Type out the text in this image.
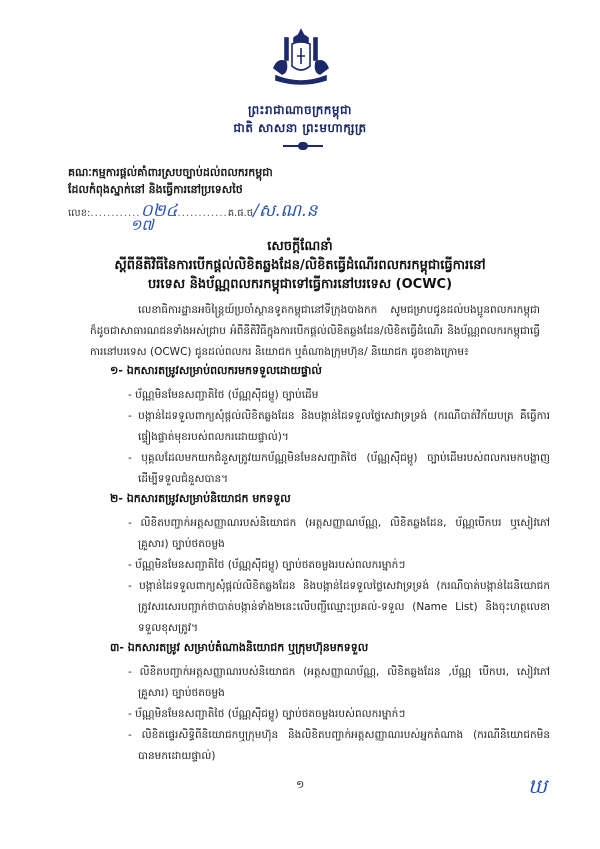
ព្រះរាជាណាចក្រកម្ពុជា
ជាតិ សាសនា ព្រះមហាក្សត្រ
គណៈកម្មការផ្ដល់គាំពារស្របច្បាប់ដល់ពលករកម្ពុជា
ដែលកំពុងស្នាក់នៅ និងធ្វើការនៅប្រទេសថៃ
លេខ:............០២៤............គ.ផ.ថ/ស.ណ.ន
១៧
សេចក្ដីណែនាំ
ស្ដីពីនីតិវិធីនៃការបើកផ្ដល់លិខិតឆ្លងដែន/លិខិតធ្វើដំណើរពលករកម្ពុជាធ្វើការនៅ
បរទេស និងប័ណ្ណពលករកម្ពុជាទៅធ្វើការនៅបរទេស (OCWC)
លេខាធិការដ្ឋានអចិន្ត្រៃយ៍ប្រចាំស្ថានទូតកម្ពុជានៅទីក្រុងបាងកក សូមជម្រាបជូនដល់បងប្អូនពលករកម្ពុជា ក៏ដូចជាសាធារណជនទាំងអស់ជ្រាប អំពីនីតិវិធីក្នុងការបើកផ្ដល់លិខិតឆ្លងដែន/លិខិតធ្វើដំណើរ និងប័ណ្ណពលករកម្ពុជាធ្វើការនៅបរទេស (OCWC) ជូនដល់ពលករ និយោជក ឬតំណាងក្រុមហ៊ុន/ និយោជក ដូចខាងក្រោម៖
១- ឯកសារតម្រូវសម្រាប់ពលករមកទទួលដោយផ្ទាល់
- ប័ណ្ណមិនមែនសញ្ជាតិថៃ (ប័ណ្ណស៊ីជម្ពូ) ច្បាប់ដើម
- បង្កាន់ដៃទទួលពាក្យសុំផ្ដល់លិខិតឆ្លងដែន និងបង្កាន់ដៃទទួលថ្លៃសេវាទ្រទ្រង់ (ករណីបាត់វិក័យបត្រ គឺធ្វើការផ្ទៀងផ្ទាត់មុខរបស់ពលករដោយផ្ទាល់)។
- បុគ្គលដែលមកយកជំនួសត្រូវយកប័ណ្ណមិនមែនសញ្ជាតិថៃ (ប័ណ្ណស៊ីជម្ពូ) ច្បាប់ដើមរបស់ពលករមកបង្ហាញដើម្បីទទួលជំនួសបាន។
២- ឯកសារតម្រូវសម្រាប់និយោជក មកទទួល
- លិខិតបញ្ជាក់អត្តសញ្ញាណរបស់និយោជក (អត្តសញ្ញាណប័ណ្ណ, លិខិតឆ្លងដែន, ប័ណ្ណបើកបរ ឬសៀវភៅគ្រួសារ) ច្បាប់ថតចម្លង
- ប័ណ្ណមិនមែនសញ្ជាតិថៃ (ប័ណ្ណស៊ីជម្ពូ) ច្បាប់ថតចម្លងរបស់ពលករម្នាក់ៗ
- បង្កាន់ដៃទទួលពាក្យសុំផ្ដល់លិខិតឆ្លងដែន និងបង្កាន់ដៃទទួលថ្លៃសេវាទ្រទ្រង់ (ករណីបាត់បង្កាន់ដៃនិយោជក ត្រូវសរសេរបញ្ជាក់ថាបាត់បង្កាន់ទាំង២នេះលើបញ្ជីឈ្មោះប្រគល់-ទទួល (Name List) និងចុះហត្ថលេខាទទួលខុសត្រូវ។
៣- ឯកសារតម្រូវ សម្រាប់តំណាងនិយោជក ឬក្រុមហ៊ុនមកទទួល
- លិខិតបញ្ជាក់អត្តសញ្ញាណរបស់និយោជក (អត្តសញ្ញាណប័ណ្ណ, លិខិតឆ្លងដែន ,ប័ណ្ណ បើកបរ, សៀវភៅគ្រួសារ) ច្បាប់ថតចម្លង
- ប័ណ្ណមិនមែនសញ្ជាតិថៃ (ប័ណ្ណស៊ីជម្ពូ) ច្បាប់ថតចម្លងរបស់ពលករម្នាក់ៗ
- លិខិតផ្ទេរសិទ្ធិពីនិយោជកឬក្រុមហ៊ុន និងលិខិតបញ្ជាក់អត្តសញ្ញាណរបស់អ្នកតំណាង (ករណីនិយោជកមិនបានមកដោយផ្ទាល់)
១	ឃ
